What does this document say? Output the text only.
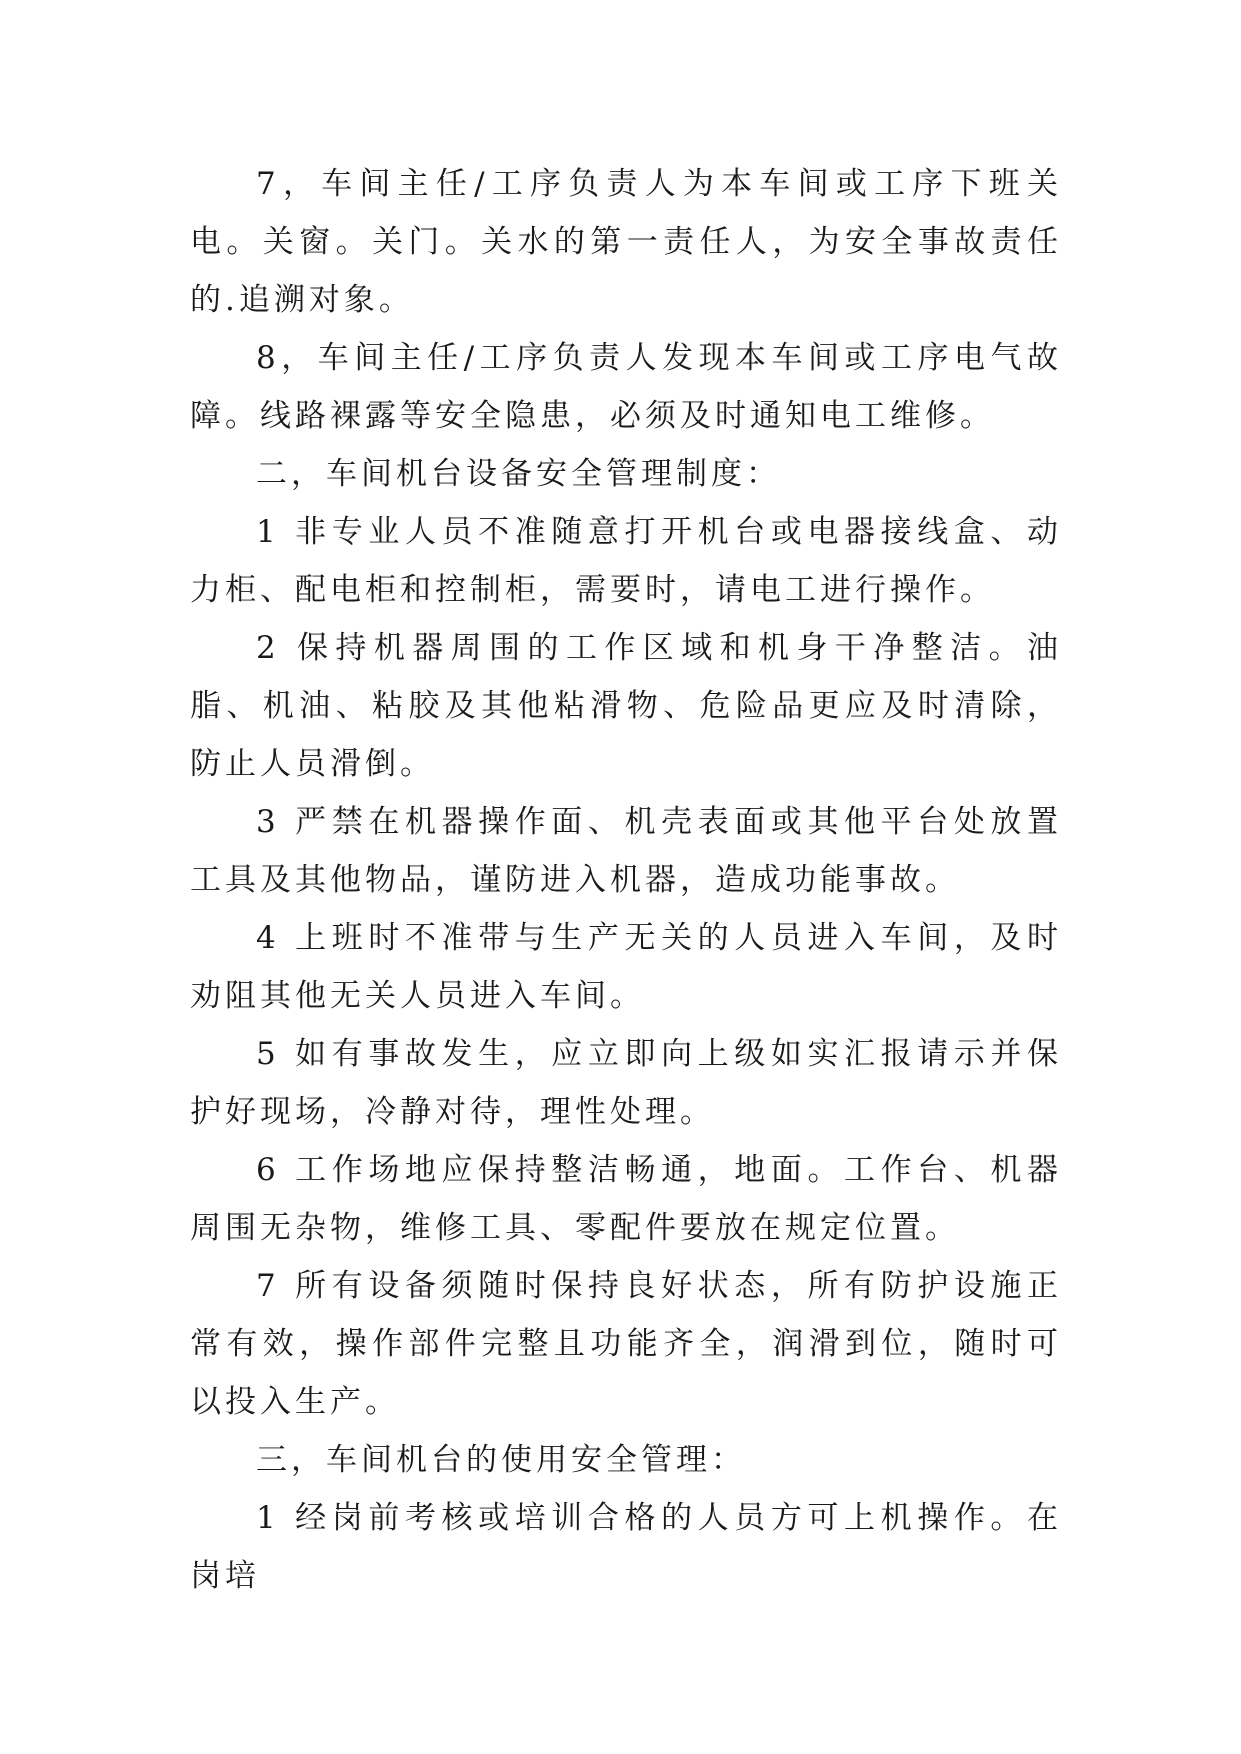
7，车间主任/工序负责人为本车间或工序下班关电。关窗。关门。关水的第一责任人，为安全事故责任的.追溯对象。

8，车间主任/工序负责人发现本车间或工序电气故障。线路裸露等安全隐患，必须及时通知电工维修。

二，车间机台设备安全管理制度：

1 非专业人员不准随意打开机台或电器接线盒、动力柜、配电柜和控制柜，需要时，请电工进行操作。

2 保持机器周围的工作区域和机身干净整洁。油脂、机油、粘胶及其他粘滑物、危险品更应及时清除，防止人员滑倒。

3 严禁在机器操作面、机壳表面或其他平台处放置工具及其他物品，谨防进入机器，造成功能事故。

4 上班时不准带与生产无关的人员进入车间，及时劝阻其他无关人员进入车间。

5 如有事故发生，应立即向上级如实汇报请示并保护好现场，冷静对待，理性处理。

6 工作场地应保持整洁畅通，地面。工作台、机器周围无杂物，维修工具、零配件要放在规定位置。

7 所有设备须随时保持良好状态，所有防护设施正常有效，操作部件完整且功能齐全，润滑到位，随时可以投入生产。

三，车间机台的使用安全管理：

1 经岗前考核或培训合格的人员方可上机操作。在岗培
